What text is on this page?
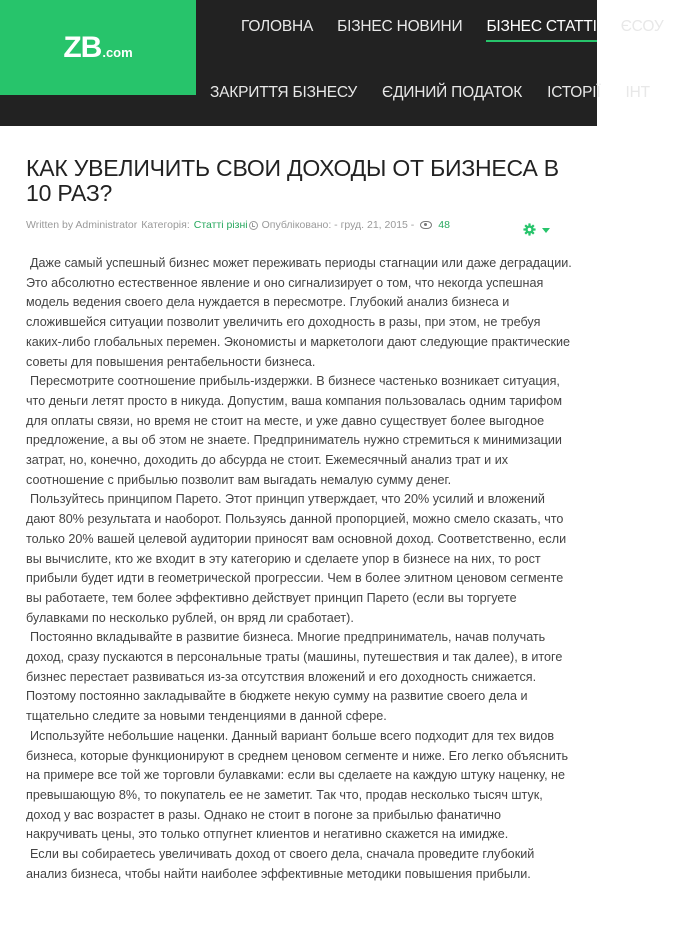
ZB .com
ГОЛОВНА БІЗНЕС НОВИНИ БІЗНЕС СТАТТІ ЄСОУ
ЗАКРИТТЯ БІЗНЕСУ ЄДИНИЙ ПОДАТОК ІСТОРІЇ ІНТ
КАК УВЕЛИЧИТЬ СВОИ ДОХОДЫ ОТ БИЗНЕСА В 10 РАЗ?
Written by Administrator Категорія: Статті різні Опубліковано: - груд. 21, 2015 - 48

Даже самый успешный бизнес может переживать периоды стагнации или даже деградации. Это абсолютно естественное явление и оно сигнализирует о том, что некогда успешная модель ведения своего дела нуждается в пересмотре. Глубокий анализ бизнеса и сложившейся ситуации позволит увеличить его доходность в разы, при этом, не требуя каких-либо глобальных перемен. Экономисты и маркетологи дают следующие практические советы для повышения рентабельности бизнеса.

Пересмотрите соотношение прибыль-издержки. В бизнесе частенько возникает ситуация, что деньги летят просто в никуда. Допустим, ваша компания пользовалась одним тарифом для оплаты связи, но время не стоит на месте, и уже давно существует более выгодное предложение, а вы об этом не знаете. Предприниматель нужно стремиться к минимизации затрат, но, конечно, доходить до абсурда не стоит. Ежемесячный анализ трат и их соотношение с прибылью позволит вам выгадать немалую сумму денег.

Пользуйтесь принципом Парето. Этот принцип утверждает, что 20% усилий и вложений дают 80% результата и наоборот. Пользуясь данной пропорцией, можно смело сказать, что только 20% вашей целевой аудитории приносят вам основной доход. Соответственно, если вы вычислите, кто же входит в эту категорию и сделаете упор в бизнесе на них, то рост прибыли будет идти в геометрической прогрессии. Чем в более элитном ценовом сегменте вы работаете, тем более эффективно действует принцип Парето (если вы торгуете булавками по несколько рублей, он вряд ли сработает).

Постоянно вкладывайте в развитие бизнеса. Многие предприниматель, начав получать доход, сразу пускаются в персональные траты (машины, путешествия и так далее), в итоге бизнес перестает развиваться из-за отсутствия вложений и его доходность снижается. Поэтому постоянно закладывайте в бюджете некую сумму на развитие своего дела и тщательно следите за новыми тенденциями в данной сфере.

Используйте небольшие наценки. Данный вариант больше всего подходит для тех видов бизнеса, которые функционируют в среднем ценовом сегменте и ниже. Его легко объяснить на примере все той же торговли булавками: если вы сделаете на каждую штуку наценку, не превышающую 8%, то покупатель ее не заметит. Так что, продав несколько тысяч штук, доход у вас возрастет в разы. Однако не стоит в погоне за прибылью фанатично накручивать цены, это только отпугнет клиентов и негативно скажется на имидже.

Если вы собираетесь увеличивать доход от своего дела, сначала проведите глубокий анализ бизнеса, чтобы найти наиболее эффективные методики повышения прибыли.
